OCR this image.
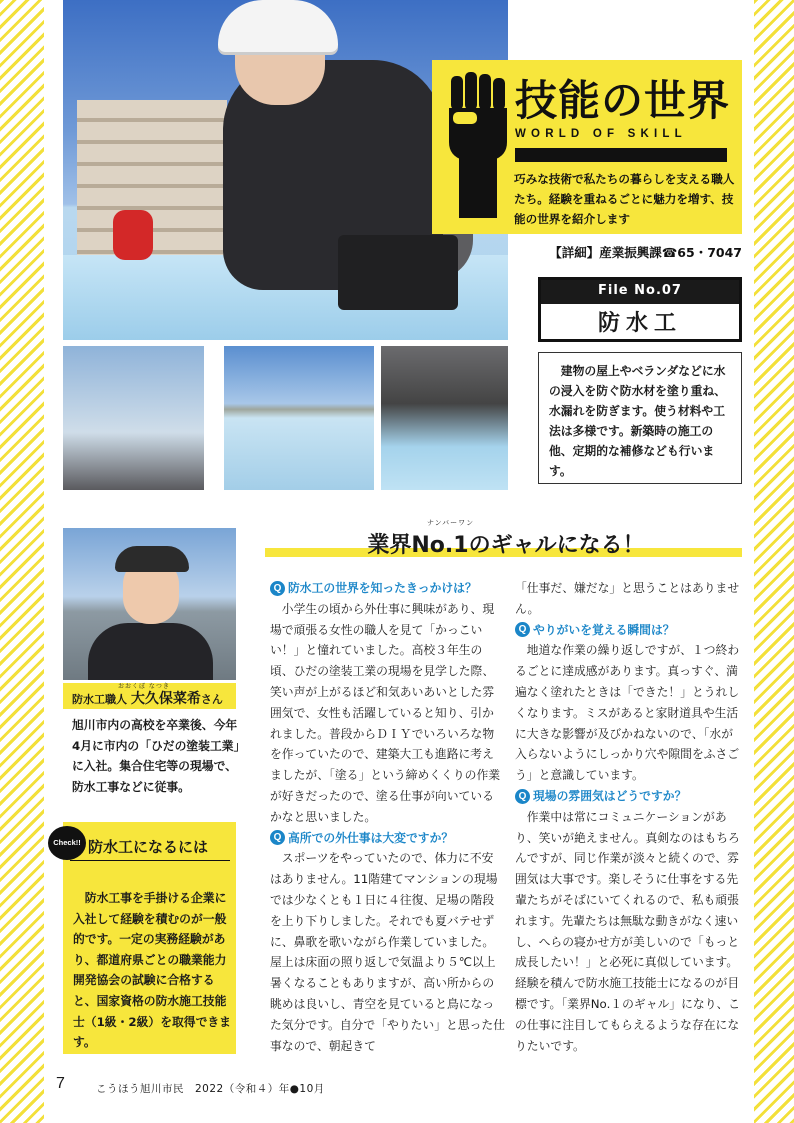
技能の世界
WORLD OF SKILL
巧みな技術で私たちの暮らしを支える職人たち。経験を重ねるごとに魅力を増す、技能の世界を紹介します
【詳細】産業振興課☎65・7047
File No.07
防水工
建物の屋上やベランダなどに水の浸入を防ぐ防水材を塗り重ね、水漏れを防ぎます。使う材料や工法は多様です。新築時の施工の他、定期的な補修なども行います。
ナンバーワン
業界No.1のギャルになる！
おおくぼ なつき
防水工職人 大久保菜希さん
旭川市内の高校を卒業後、今年4月に市内の「ひだの塗装工業」に入社。集合住宅等の現場で、防水工事などに従事。
Check!! 防水工になるには
防水工事を手掛ける企業に入社して経験を積むのが一般的です。一定の実務経験があり、都道府県ごとの職業能力開発協会の試験に合格すると、国家資格の防水施工技能士（1級・2級）を取得できます。
Q 防水工の世界を知ったきっかけは？
小学生の頃から外仕事に興味があり、現場で頑張る女性の職人を見て「かっこいい！」と憧れていました。高校３年生の頃、ひだの塗装工業の現場を見学した際、笑い声が上がるほど和気あいあいとした雰囲気で、女性も活躍していると知り、引かれました。普段からＤＩＹでいろいろな物を作っていたので、建築大工も進路に考えましたが、「塗る」という締めくくりの作業が好きだったので、塗る仕事が向いているかなと思いました。
Q 高所での外仕事は大変ですか？
スポーツをやっていたので、体力に不安はありません。11階建てマンションの現場では少なくとも１日に４往復、足場の階段を上り下りしました。それでも夏バテせずに、鼻歌を歌いながら作業していました。屋上は床面の照り返しで気温より５℃以上暑くなることもありますが、高い所からの眺めは良いし、青空を見ていると鳥になった気分です。自分で「やりたい」と思った仕事なので、朝起きて
「仕事だ、嫌だな」と思うことはありません。
Q やりがいを覚える瞬間は？
地道な作業の繰り返しですが、１つ終わるごとに達成感があります。真っすぐ、満遍なく塗れたときは「できた！」とうれしくなります。ミスがあると家財道具や生活に大きな影響が及びかねないので、「水が入らないようにしっかり穴や隙間をふさごう」と意識しています。
Q 現場の雰囲気はどうですか？
作業中は常にコミュニケーションがあり、笑いが絶えません。真剣なのはもちろんですが、同じ作業が淡々と続くので、雰囲気は大事です。楽しそうに仕事をする先輩たちがそばにいてくれるので、私も頑張れます。先輩たちは無駄な動きがなく速いし、へらの寝かせ方が美しいので「もっと成長したい！」と必死に真似しています。経験を積んで防水施工技能士になるのが目標です。「業界No.１のギャル」になり、この仕事に注目してもらえるような存在になりたいです。
7	こうほう旭川市民　2022（令和４）年●10月
